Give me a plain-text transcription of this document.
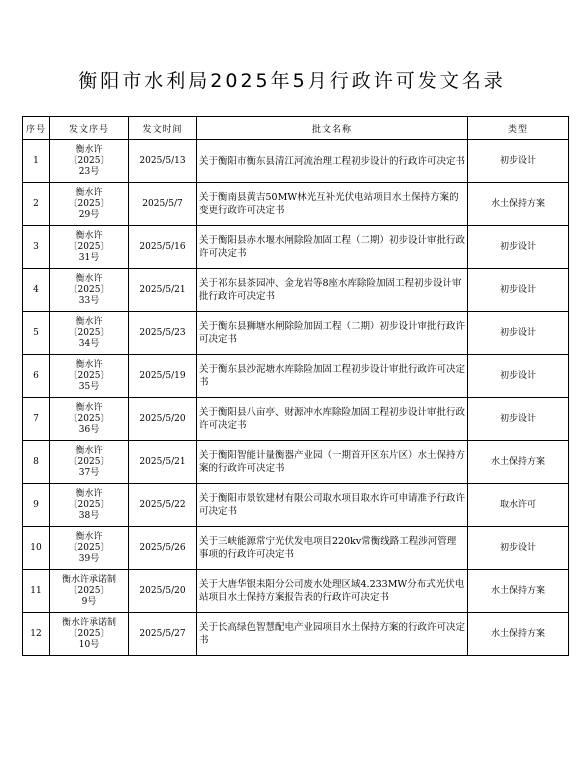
衡阳市水利局2025年5月行政许可发文名录
序号	发文序号	发文时间	批文名称	类型
1	衡水许
〔2025〕
23号	2025/5/13	关于衡阳市衡东县清江河流治理工程初步设计的行政许可决定书	初步设计
2	衡水许
〔2025〕
29号	2025/5/7	关于衡南县黄吉50MW林光互补光伏电站项目水土保持方案的变更行政许可决定书	水土保持方案
3	衡水许
〔2025〕
31号	2025/5/16	关于衡阳县赤水堰水闸除险加固工程（二期）初步设计审批行政许可决定书	初步设计
4	衡水许
〔2025〕
33号	2025/5/21	关于祁东县茶园冲、金龙岩等8座水库除险加固工程初步设计审批行政许可决定书	初步设计
5	衡水许
〔2025〕
34号	2025/5/23	关于衡东县狮塘水闸除险加固工程（二期）初步设计审批行政许可决定书	初步设计
6	衡水许
〔2025〕
35号	2025/5/19	关于衡东县沙泥塘水库除险加固工程初步设计审批行政许可决定书	初步设计
7	衡水许
〔2025〕
36号	2025/5/20	关于衡阳县八亩亭、财源冲水库除险加固工程初步设计审批行政许可决定书	初步设计
8	衡水许
〔2025〕
37号	2025/5/21	关于衡阳智能计量衡器产业园（一期首开区东片区）水土保持方案的行政许可决定书	水土保持方案
9	衡水许
〔2025〕
38号	2025/5/22	关于衡阳市景钦建材有限公司取水项目取水许可申请准予行政许可决定书	取水许可
10	衡水许
〔2025〕
39号	2025/5/26	关于三峡能源常宁光伏发电项目220kv常衡线路工程涉河管理事项的行政许可决定书	初步设计
11	衡水许承诺制
〔2025〕
9号	2025/5/20	关于大唐华银耒阳分公司废水处理区域4.233MW分布式光伏电站项目水土保持方案报告表的行政许可决定书	水土保持方案
12	衡水许承诺制
〔2025〕
10号	2025/5/27	关于长高绿色智慧配电产业园项目水土保持方案的行政许可决定书	水土保持方案
